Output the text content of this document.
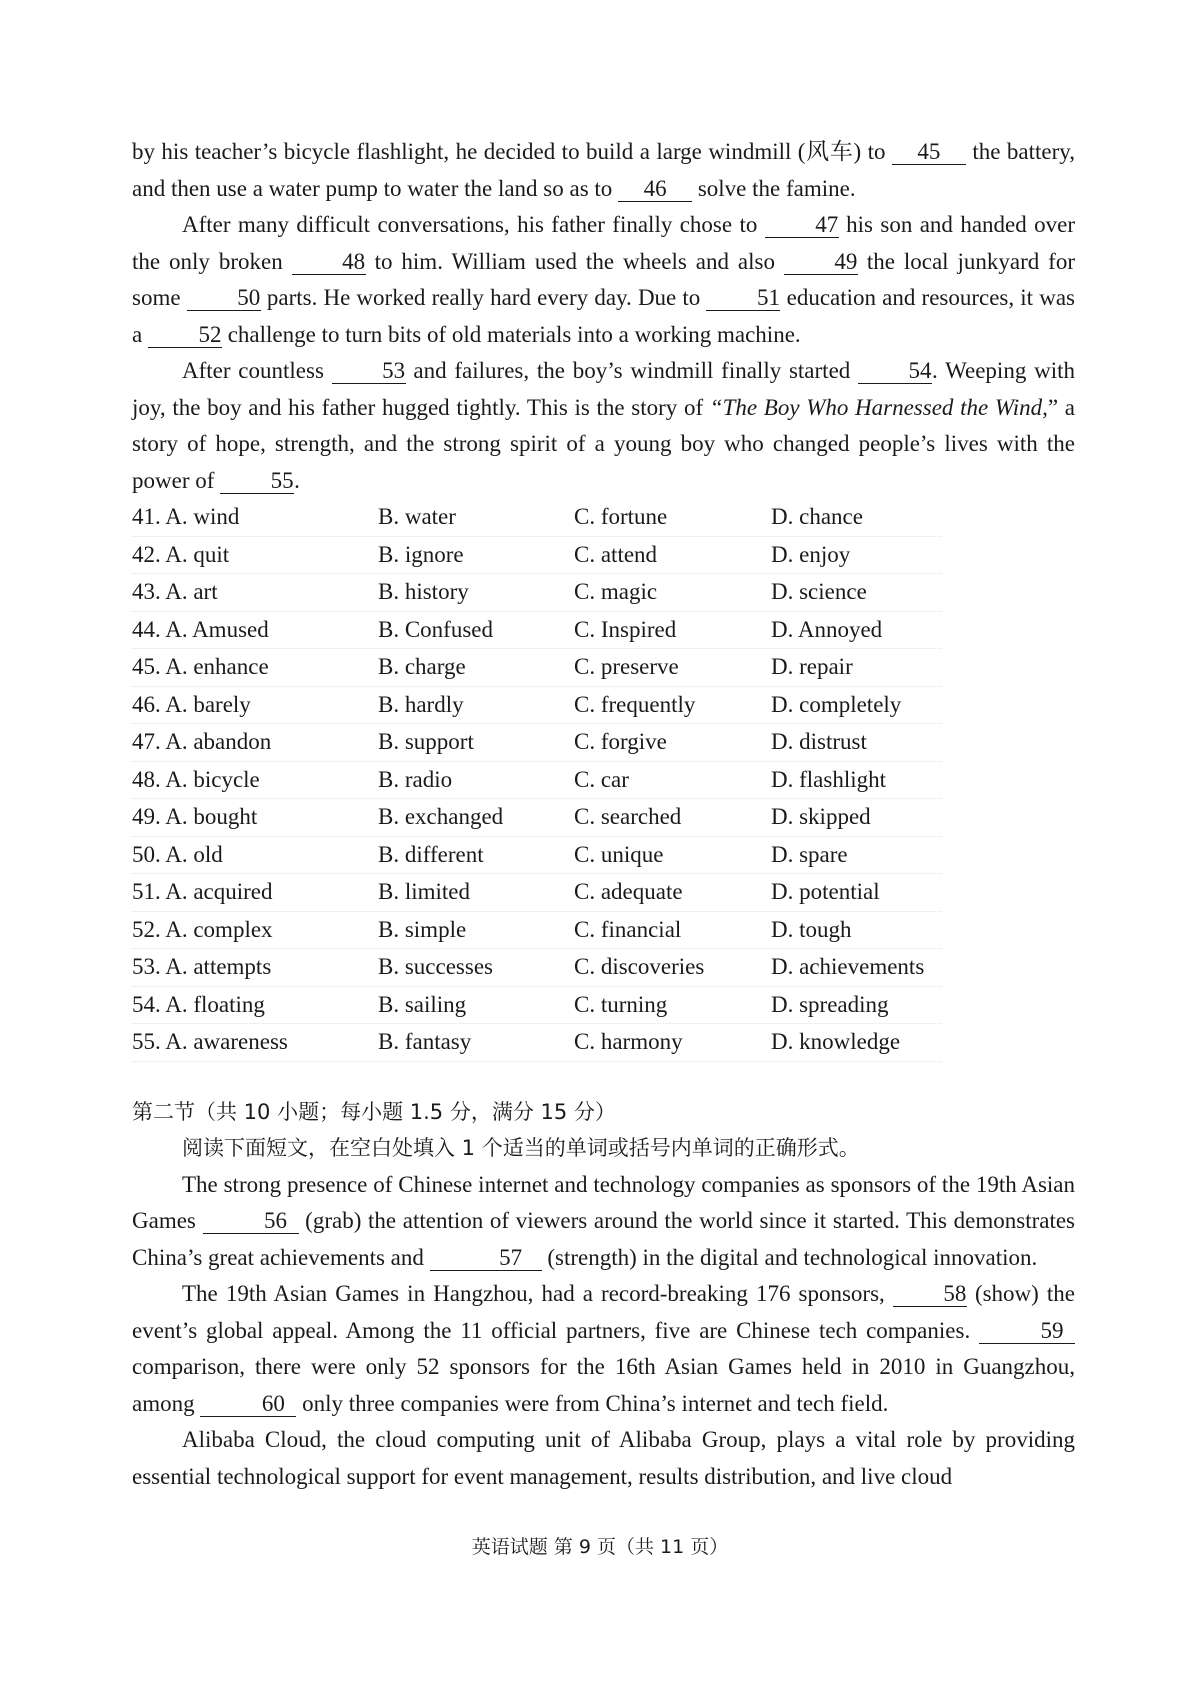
by his teacher’s bicycle flashlight, he decided to build a large windmill (风车) to 45 the battery, and then use a water pump to water the land so as to 46 solve the famine.

After many difficult conversations, his father finally chose to 47 his son and handed over the only broken 48 to him. William used the wheels and also 49 the local junkyard for some 50 parts. He worked really hard every day. Due to 51 education and resources, it was a 52 challenge to turn bits of old materials into a working machine.

After countless 53 and failures, the boy’s windmill finally started 54. Weeping with joy, the boy and his father hugged tightly. This is the story of “The Boy Who Harnessed the Wind,” a story of hope, strength, and the strong spirit of a young boy who changed people’s lives with the power of 55.

41. A. wind	B. water	C. fortune	D. chance
42. A. quit	B. ignore	C. attend	D. enjoy
43. A. art	B. history	C. magic	D. science
44. A. Amused	B. Confused	C. Inspired	D. Annoyed
45. A. enhance	B. charge	C. preserve	D. repair
46. A. barely	B. hardly	C. frequently	D. completely
47. A. abandon	B. support	C. forgive	D. distrust
48. A. bicycle	B. radio	C. car	D. flashlight
49. A. bought	B. exchanged	C. searched	D. skipped
50. A. old	B. different	C. unique	D. spare
51. A. acquired	B. limited	C. adequate	D. potential
52. A. complex	B. simple	C. financial	D. tough
53. A. attempts	B. successes	C. discoveries	D. achievements
54. A. floating	B. sailing	C. turning	D. spreading
55. A. awareness	B. fantasy	C. harmony	D. knowledge

第二节（共 10 小题；每小题 1.5 分，满分 15 分）

阅读下面短文，在空白处填入 1 个适当的单词或括号内单词的正确形式。

The strong presence of Chinese internet and technology companies as sponsors of the 19th Asian Games	56 (grab) the attention of viewers around the world since it started. This demonstrates China’s great achievements and	57 (strength) in the digital and technological innovation.

The 19th Asian Games in Hangzhou, had a record-breaking 176 sponsors, 58 (show) the event’s global appeal. Among the 11 official partners, five are Chinese tech companies.	59 comparison, there were only 52 sponsors for the 16th Asian Games held in 2010 in Guangzhou, among	60 only three companies were from China’s internet and tech field.

Alibaba Cloud, the cloud computing unit of Alibaba Group, plays a vital role by providing essential technological support for event management, results distribution, and live cloud

英语试题 第 9 页（共 11 页）
